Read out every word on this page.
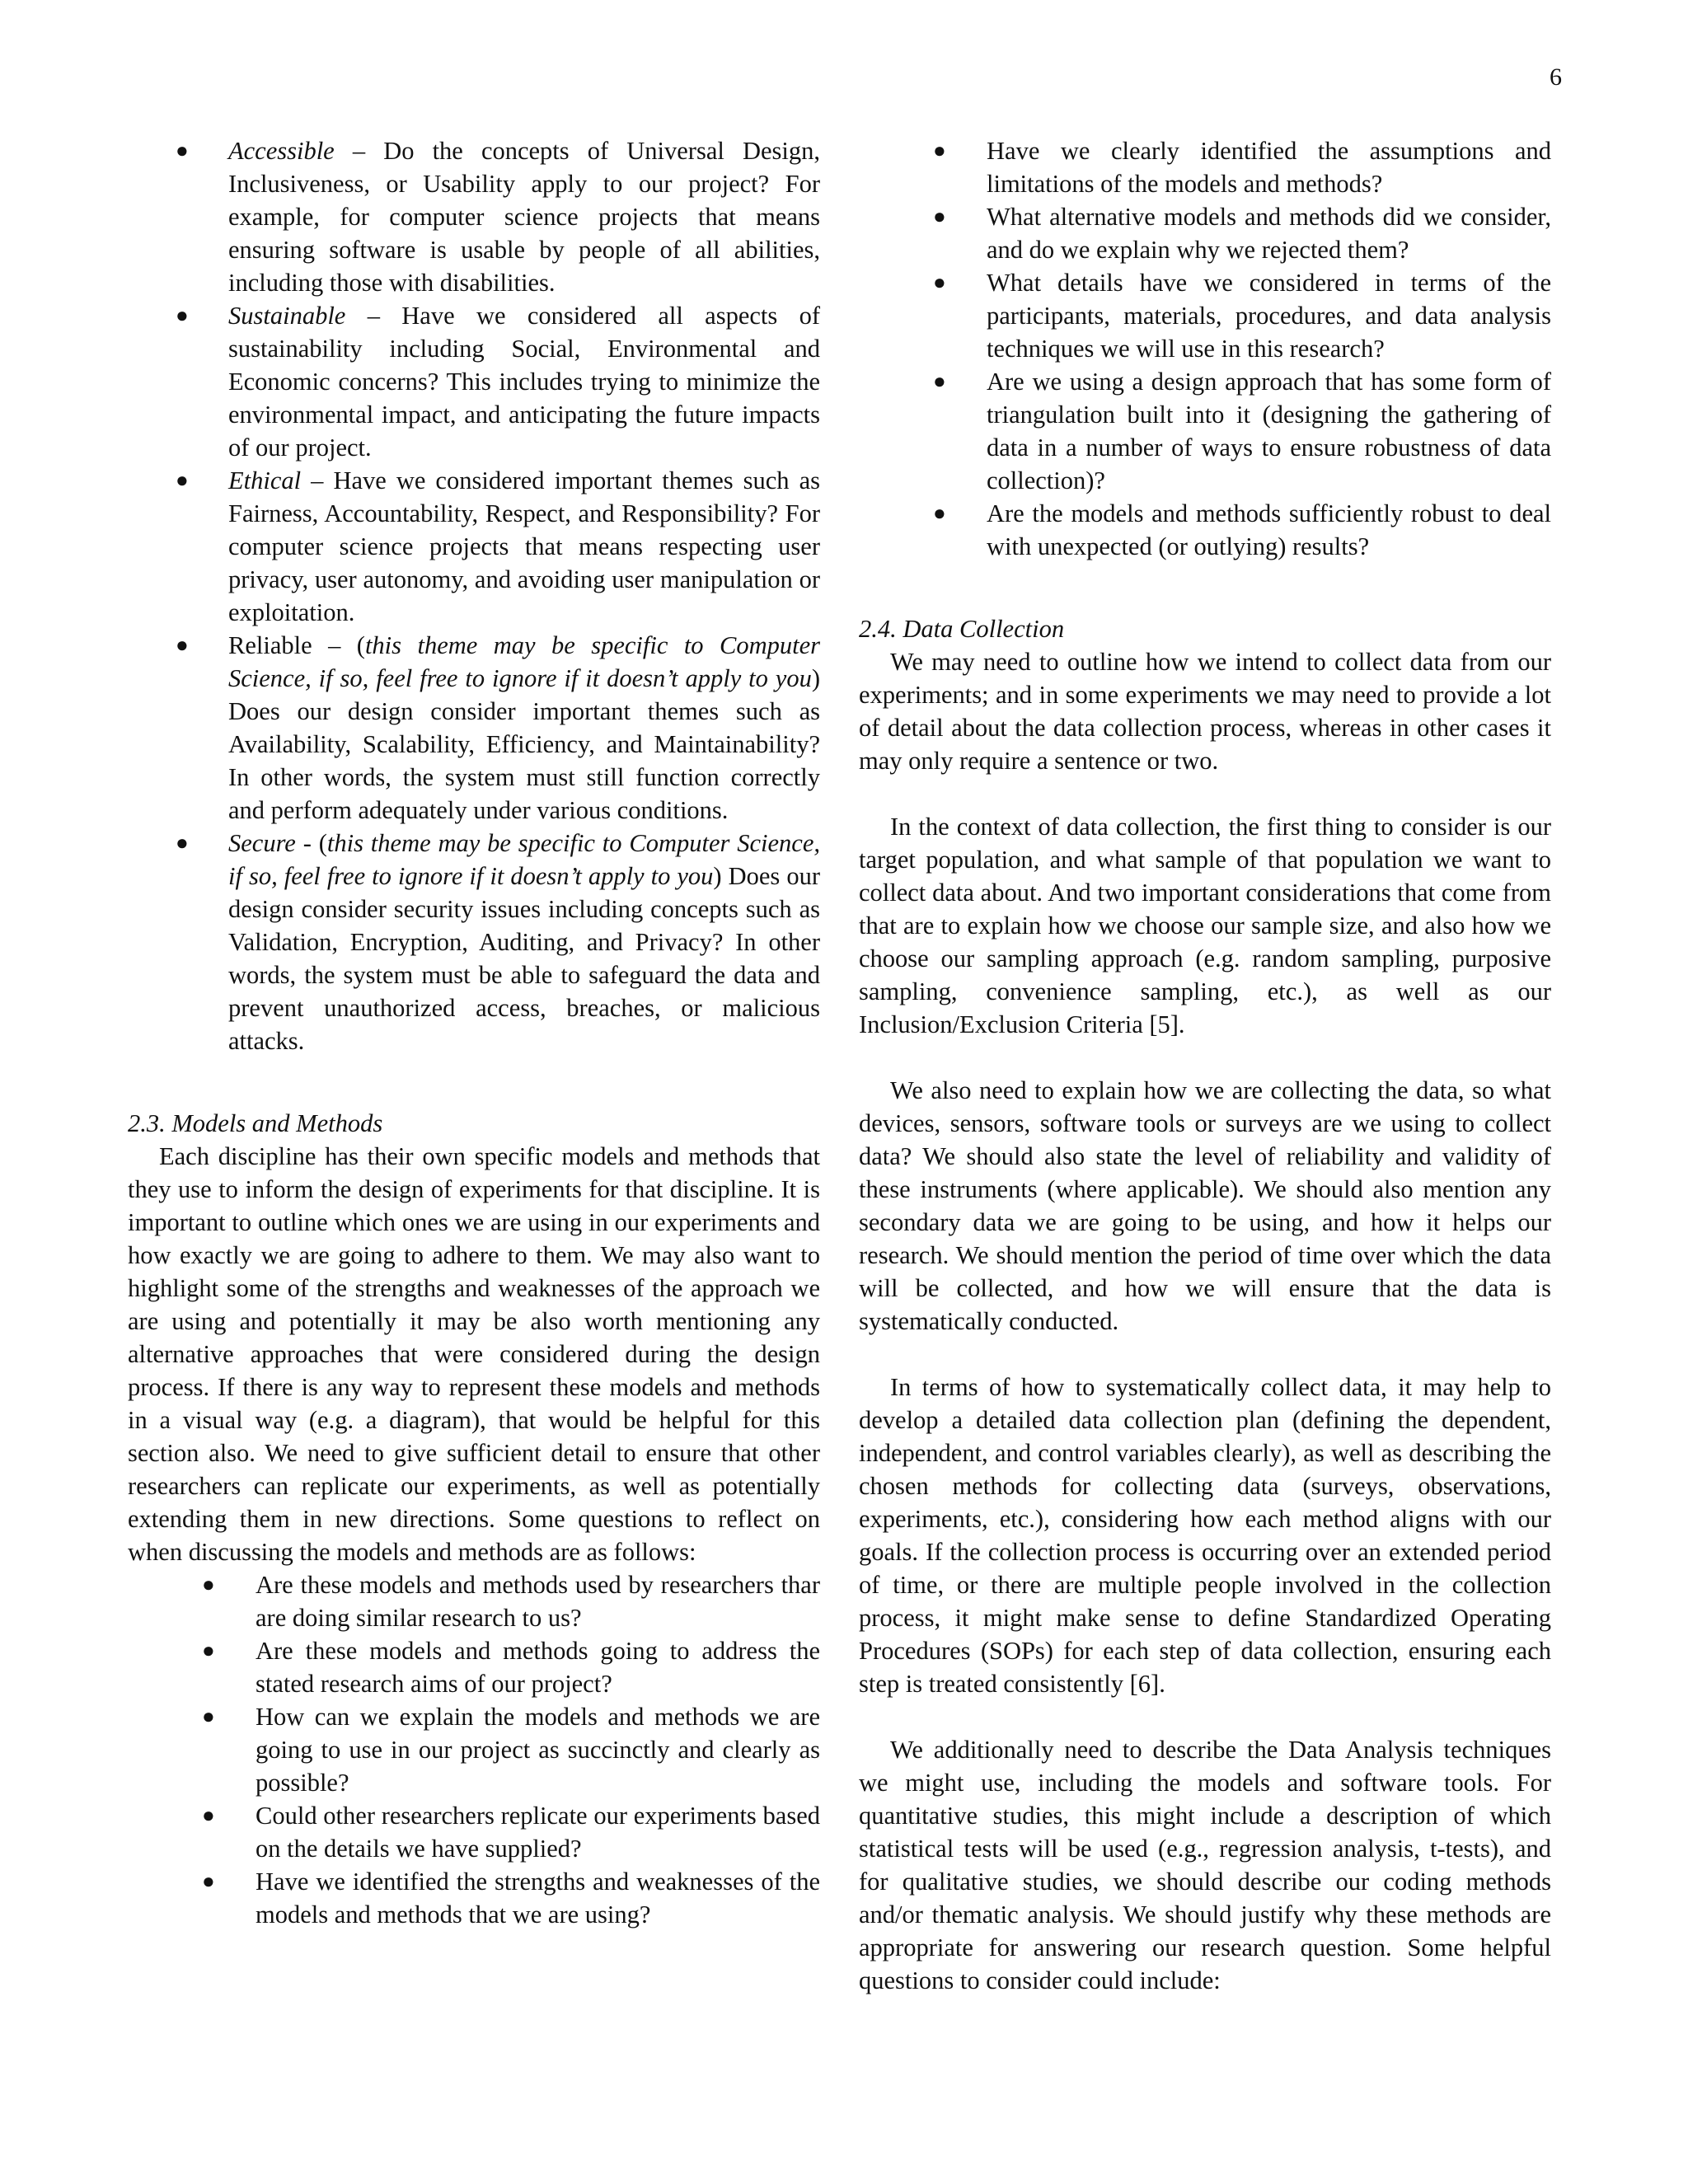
6
● Accessible – Do the concepts of Universal Design, Inclusiveness, or Usability apply to our project? For example, for computer science projects that means ensuring software is usable by people of all abilities, including those with disabilities.
● Sustainable – Have we considered all aspects of sustainability including Social, Environmental and Economic concerns? This includes trying to minimize the environmental impact, and anticipating the future impacts of our project.
● Ethical – Have we considered important themes such as Fairness, Accountability, Respect, and Responsibility? For computer science projects that means respecting user privacy, user autonomy, and avoiding user manipulation or exploitation.
● Reliable – (this theme may be specific to Computer Science, if so, feel free to ignore if it doesn’t apply to you) Does our design consider important themes such as Availability, Scalability, Efficiency, and Maintainability? In other words, the system must still function correctly and perform adequately under various conditions.
● Secure - (this theme may be specific to Computer Science, if so, feel free to ignore if it doesn’t apply to you) Does our design consider security issues including concepts such as Validation, Encryption, Auditing, and Privacy? In other words, the system must be able to safeguard the data and prevent unauthorized access, breaches, or malicious attacks.

2.3. Models and Methods

Each discipline has their own specific models and methods that they use to inform the design of experiments for that discipline. It is important to outline which ones we are using in our experiments and how exactly we are going to adhere to them. We may also want to highlight some of the strengths and weaknesses of the approach we are using and potentially it may be also worth mentioning any alternative approaches that were considered during the design process. If there is any way to represent these models and methods in a visual way (e.g. a diagram), that would be helpful for this section also. We need to give sufficient detail to ensure that other researchers can replicate our experiments, as well as potentially extending them in new directions. Some questions to reflect on when discussing the models and methods are as follows:

● Are these models and methods used by researchers thar are doing similar research to us?
● Are these models and methods going to address the stated research aims of our project?
● How can we explain the models and methods we are going to use in our project as succinctly and clearly as possible?
● Could other researchers replicate our experiments based on the details we have supplied?
● Have we identified the strengths and weaknesses of the models and methods that we are using?
● Have we clearly identified the assumptions and limitations of the models and methods?
● What alternative models and methods did we consider, and do we explain why we rejected them?
● What details have we considered in terms of the participants, materials, procedures, and data analysis techniques we will use in this research?
● Are we using a design approach that has some form of triangulation built into it (designing the gathering of data in a number of ways to ensure robustness of data collection)?
● Are the models and methods sufficiently robust to deal with unexpected (or outlying) results?

2.4. Data Collection

We may need to outline how we intend to collect data from our experiments; and in some experiments we may need to provide a lot of detail about the data collection process, whereas in other cases it may only require a sentence or two.

In the context of data collection, the first thing to consider is our target population, and what sample of that population we want to collect data about. And two important considerations that come from that are to explain how we choose our sample size, and also how we choose our sampling approach (e.g. random sampling, purposive sampling, convenience sampling, etc.), as well as our Inclusion/Exclusion Criteria [5].

We also need to explain how we are collecting the data, so what devices, sensors, software tools or surveys are we using to collect data? We should also state the level of reliability and validity of these instruments (where applicable). We should also mention any secondary data we are going to be using, and how it helps our research. We should mention the period of time over which the data will be collected, and how we will ensure that the data is systematically conducted.

In terms of how to systematically collect data, it may help to develop a detailed data collection plan (defining the dependent, independent, and control variables clearly), as well as describing the chosen methods for collecting data (surveys, observations, experiments, etc.), considering how each method aligns with our goals. If the collection process is occurring over an extended period of time, or there are multiple people involved in the collection process, it might make sense to define Standardized Operating Procedures (SOPs) for each step of data collection, ensuring each step is treated consistently [6].

We additionally need to describe the Data Analysis techniques we might use, including the models and software tools. For quantitative studies, this might include a description of which statistical tests will be used (e.g., regression analysis, t-tests), and for qualitative studies, we should describe our coding methods and/or thematic analysis. We should justify why these methods are appropriate for answering our research question. Some helpful questions to consider could include:
